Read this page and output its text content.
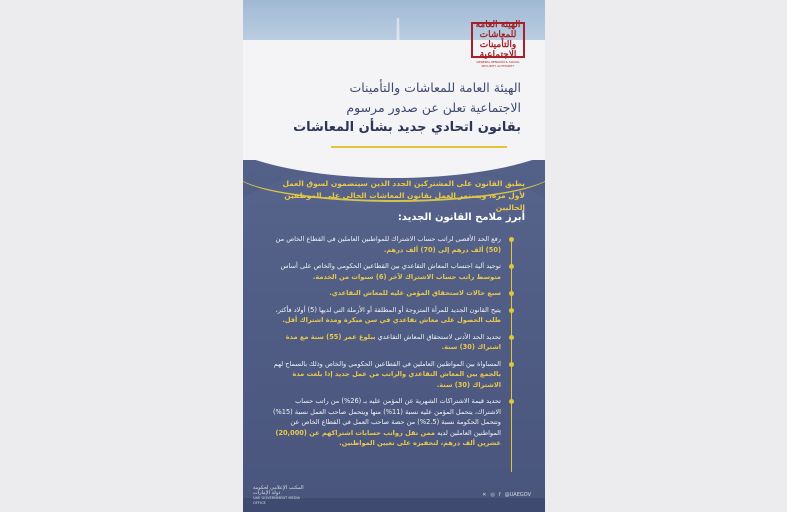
الهيئة العامة للمعاشات والتأمينات الاجتماعية
GENERAL PENSION & SOCIAL SECURITY AUTHORITY
الهيئة العامة للمعاشات والتأمينات
الاجتماعية تعلن عن صدور مرسوم
بقانون اتحادي جديد بشأن المعاشات
يطبق القانون على المشتركين الجدد الذين سينضمون لسوق العمل لأول مرة، ويستمر العمل بقانون المعاشات الحالي على الموظفين الحاليين
أبرز ملامح القانون الجديد:
رفع الحد الأقصى لراتب حساب الاشتراك للمواطنين العاملين في القطاع الخاص من (50) ألف درهم إلى (70) ألف درهم.
توحيد آلية احتساب المعاش التقاعدي بين القطاعين الحكومي والخاص على أساس متوسط راتب حساب الاشتراك لآخر (6) سنوات من الخدمة.
سبع حالات لاستحقاق المؤمن عليه للمعاش التقاعدي.
يتيح القانون الجديد للمرأة المتزوجة أو المطلقة أو الأرملة التي لديها (5) أولاد فأكثر، طلب الحصول على معاش تقاعدي في سن مبكرة ومدة اشتراك أقل.
تحديد الحد الأدنى لاستحقاق المعاش التقاعدي ببلوغ عمر (55) سنة مع مدة اشتراك (30) سنة.
المساواة بين المواطنين العاملين في القطاعين الحكومي والخاص وذلك بالسماح لهم بالجمع بين المعاش التقاعدي والراتب من عمل جديد إذا بلغت مدة الاشتراك (30) سنة.
تحديد قيمة الاشتراكات الشهرية عن المؤمن عليه بـ (26%) من راتب حساب الاشتراك، يتحمل المؤمن عليه نسبة (11%) منها ويتحمل صاحب العمل نسبة (15%) وتتحمل الحكومة نسبة (2.5%) من حصة صاحب العمل في القطاع الخاص عن المواطنين العاملين لديه ممن تقل رواتب حسابات اشتراكهم عن (20,000) عشرين ألف درهم، لتحفيزه على تعيين المواطنين.
المكتب الإعلامي لحكومة دولة الإمارات
UAE GOVERNMENT MEDIA OFFICE
✕ ◎ f @UAEGOV
